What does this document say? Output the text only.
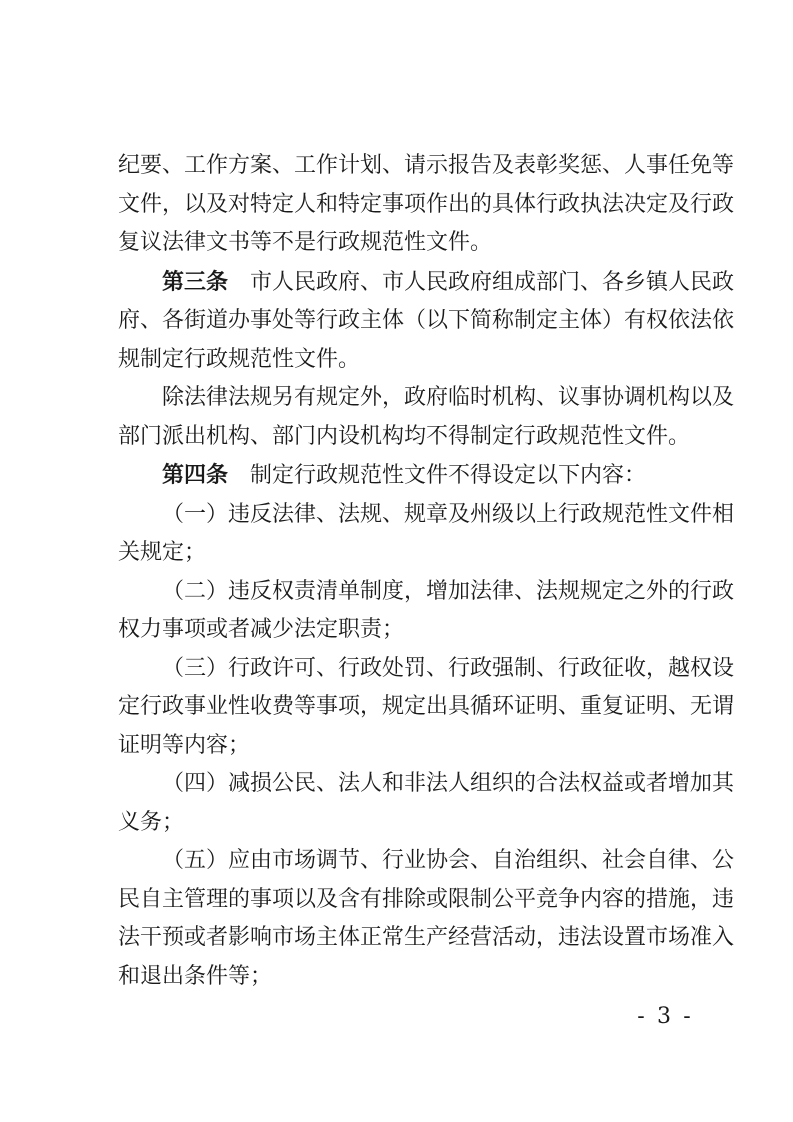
纪要、工作方案、工作计划、请示报告及表彰奖惩、人事任免等
文件，以及对特定人和特定事项作出的具体行政执法决定及行政
复议法律文书等不是行政规范性文件。
第三条　市人民政府、市人民政府组成部门、各乡镇人民政
府、各街道办事处等行政主体（以下简称制定主体）有权依法依
规制定行政规范性文件。
除法律法规另有规定外，政府临时机构、议事协调机构以及
部门派出机构、部门内设机构均不得制定行政规范性文件。
第四条　制定行政规范性文件不得设定以下内容：
（一）违反法律、法规、规章及州级以上行政规范性文件相
关规定；
（二）违反权责清单制度，增加法律、法规规定之外的行政
权力事项或者减少法定职责；
（三）行政许可、行政处罚、行政强制、行政征收，越权设
定行政事业性收费等事项，规定出具循环证明、重复证明、无谓
证明等内容；
（四）减损公民、法人和非法人组织的合法权益或者增加其
义务；
（五）应由市场调节、行业协会、自治组织、社会自律、公
民自主管理的事项以及含有排除或限制公平竞争内容的措施，违
法干预或者影响市场主体正常生产经营活动，违法设置市场准入
和退出条件等；
- 3 -
